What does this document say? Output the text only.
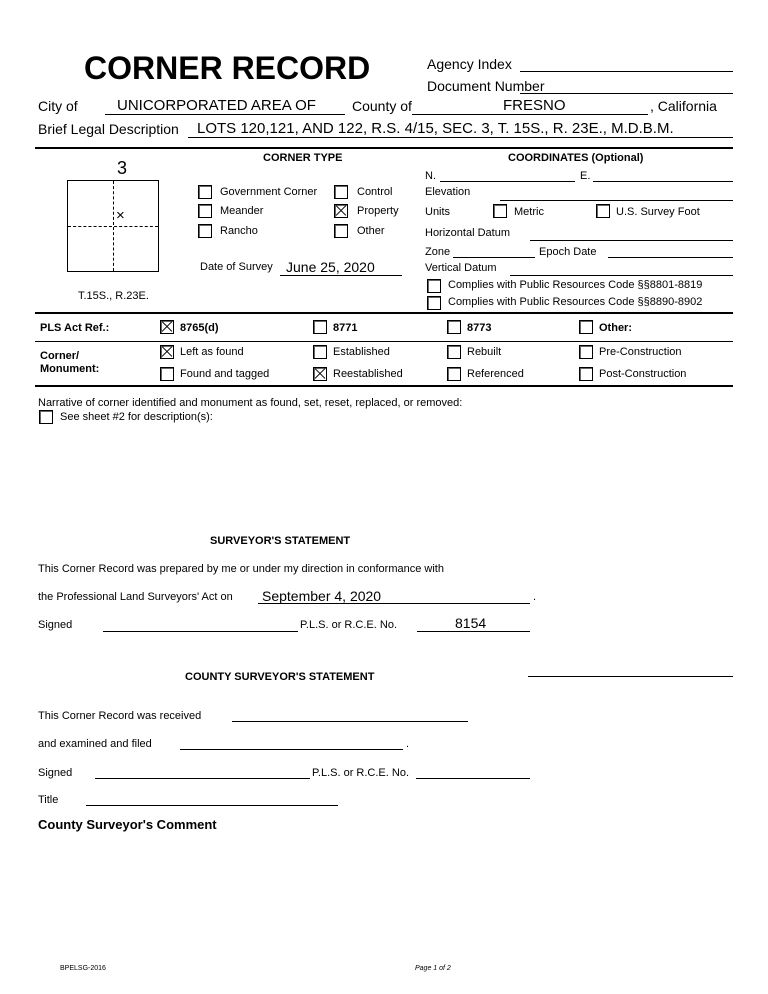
CORNER RECORD	Agency Index
Document Number
City of	UNICORPORATED AREA OF	County of	FRESNO	, California
Brief Legal Description LOTS 120,121, AND 122, R.S. 4/15, SEC. 3, T. 15S., R. 23E., M.D.B.M.
3
×
T.15S., R.23E.
CORNER TYPE
Government Corner	Control
Meander	Property
Rancho	Other
Date of Survey June 25, 2020
COORDINATES (Optional)
N.	E.
Elevation
Units	Metric	U.S. Survey Foot
Horizontal Datum
Zone	Epoch Date
Vertical Datum
Complies with Public Resources Code §§8801-8819
Complies with Public Resources Code §§8890-8902
PLS Act Ref.:	8765(d)	8771	8773	Other:
Corner/
Monument:
Left as found	Established	Rebuilt	Pre-Construction
Found and tagged	Reestablished	Referenced	Post-Construction
Narrative of corner identified and monument as found, set, reset, replaced, or removed:
See sheet #2 for description(s):
SURVEYOR'S STATEMENT
This Corner Record was prepared by me or under my direction in conformance with
the Professional Land Surveyors' Act on September 4, 2020	.
Signed	P.L.S. or R.C.E. No.	8154
COUNTY SURVEYOR'S STATEMENT
This Corner Record was received
and examined and filed	.
Signed	P.L.S. or R.C.E. No.
Title
County Surveyor's Comment
BPELSG-2016	Page 1 of 2
